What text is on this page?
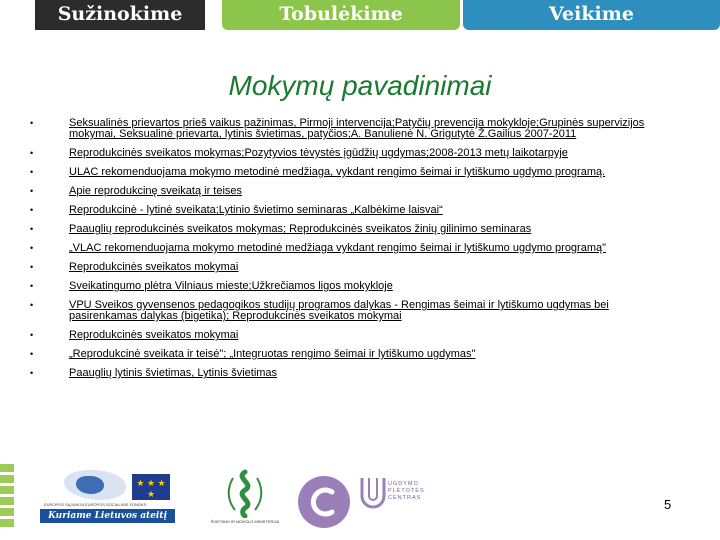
Sužinokime	Tobulėkime	Veikime
Mokymų pavadinimai
•	Seksualinės prievartos prieš vaikus pažinimas, Pirmoji intervencija;Patyčių prevencija mokykloje;Grupinės supervizijos mokymai, Seksualinė prievarta, lytinis švietimas, patyčios;A. Banulienė N. Grigutytė Ž.Gailius 2007-2011
•	Reprodukcinės sveikatos mokymas;Pozytyvios tėvystės įgūdžių ugdymas;2008-2013 metų laikotarpyje
•	ULAC rekomenduojama mokymo metodinė medžiaga, vykdant rengimo šeimai ir lytiškumo ugdymo programą.
•	Apie reprodukcinę sveikatą ir teises
•	Reprodukcinė - lytinė sveikata;Lytinio švietimo seminaras „Kalbėkime laisvai“
•	Paauglių reprodukcinės sveikatos mokymas; Reprodukcinės sveikatos žinių gilinimo seminaras
•	„VLAC rekomenduojama mokymo metodinė medžiaga vykdant rengimo šeimai ir lytiškumo ugdymo programą"
•	Reprodukcinės sveikatos mokymai
•	Sveikatingumo plėtra Vilniaus mieste;Užkrečiamos ligos mokykloje
•	VPU Sveikos gyvensenos pedagogikos studijų programos dalykas - Rengimas šeimai ir lytiškumo ugdymas bei pasirenkamas dalykas (bigetika); Reprodukcinės sveikatos mokymai
•	Reprodukcinės sveikatos mokymai
•	„Reprodukcinė sveikata ir teisė"; „Integruotas rengimo šeimai ir lytiškumo ugdymas"
•	Paauglių lytinis švietimas, Lytinis švietimas
★ ★ ★ ★
EUROPOS SĄJUNGA EUROPOS SOCIALINIS FONDAS
Kuriame Lietuvos ateitį
ŠVIETIMO IR MOKSLO MINISTERIJA
UGDYMO
PLĖTOTĖS
CENTRAS	5
